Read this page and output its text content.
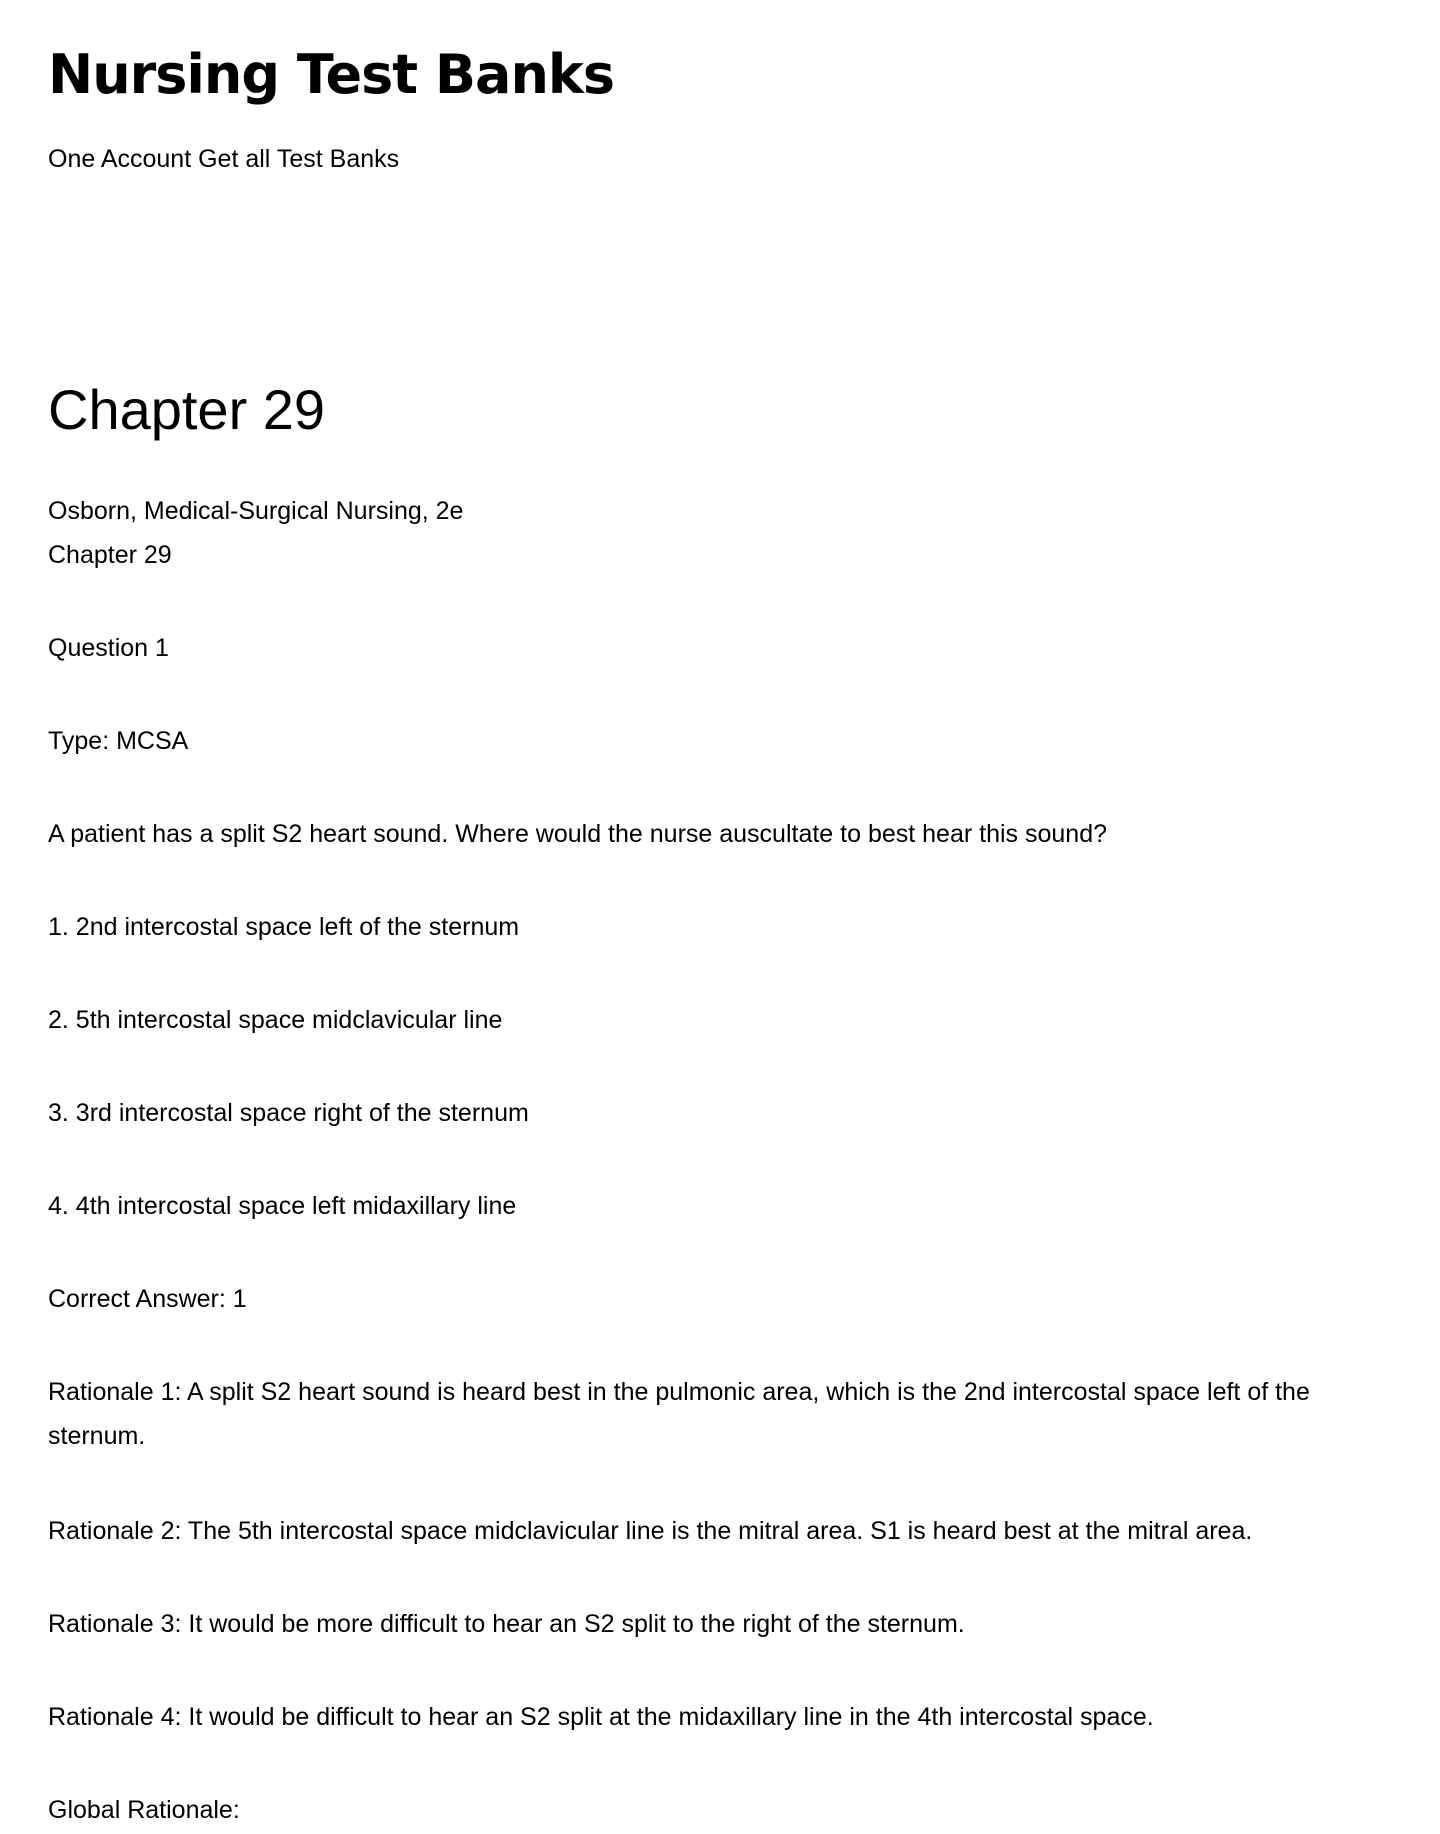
Nursing Test Banks
One Account Get all Test Banks
Chapter 29
Osborn, Medical-Surgical Nursing, 2e
Chapter 29
Question 1
Type: MCSA
A patient has a split S2 heart sound. Where would the nurse auscultate to best hear this sound?
1. 2nd intercostal space left of the sternum
2. 5th intercostal space midclavicular line
3. 3rd intercostal space right of the sternum
4. 4th intercostal space left midaxillary line
Correct Answer: 1
Rationale 1: A split S2 heart sound is heard best in the pulmonic area, which is the 2nd intercostal space left of the sternum.
Rationale 2: The 5th intercostal space midclavicular line is the mitral area. S1 is heard best at the mitral area.
Rationale 3: It would be more difficult to hear an S2 split to the right of the sternum.
Rationale 4: It would be difficult to hear an S2 split at the midaxillary line in the 4th intercostal space.
Global Rationale:
